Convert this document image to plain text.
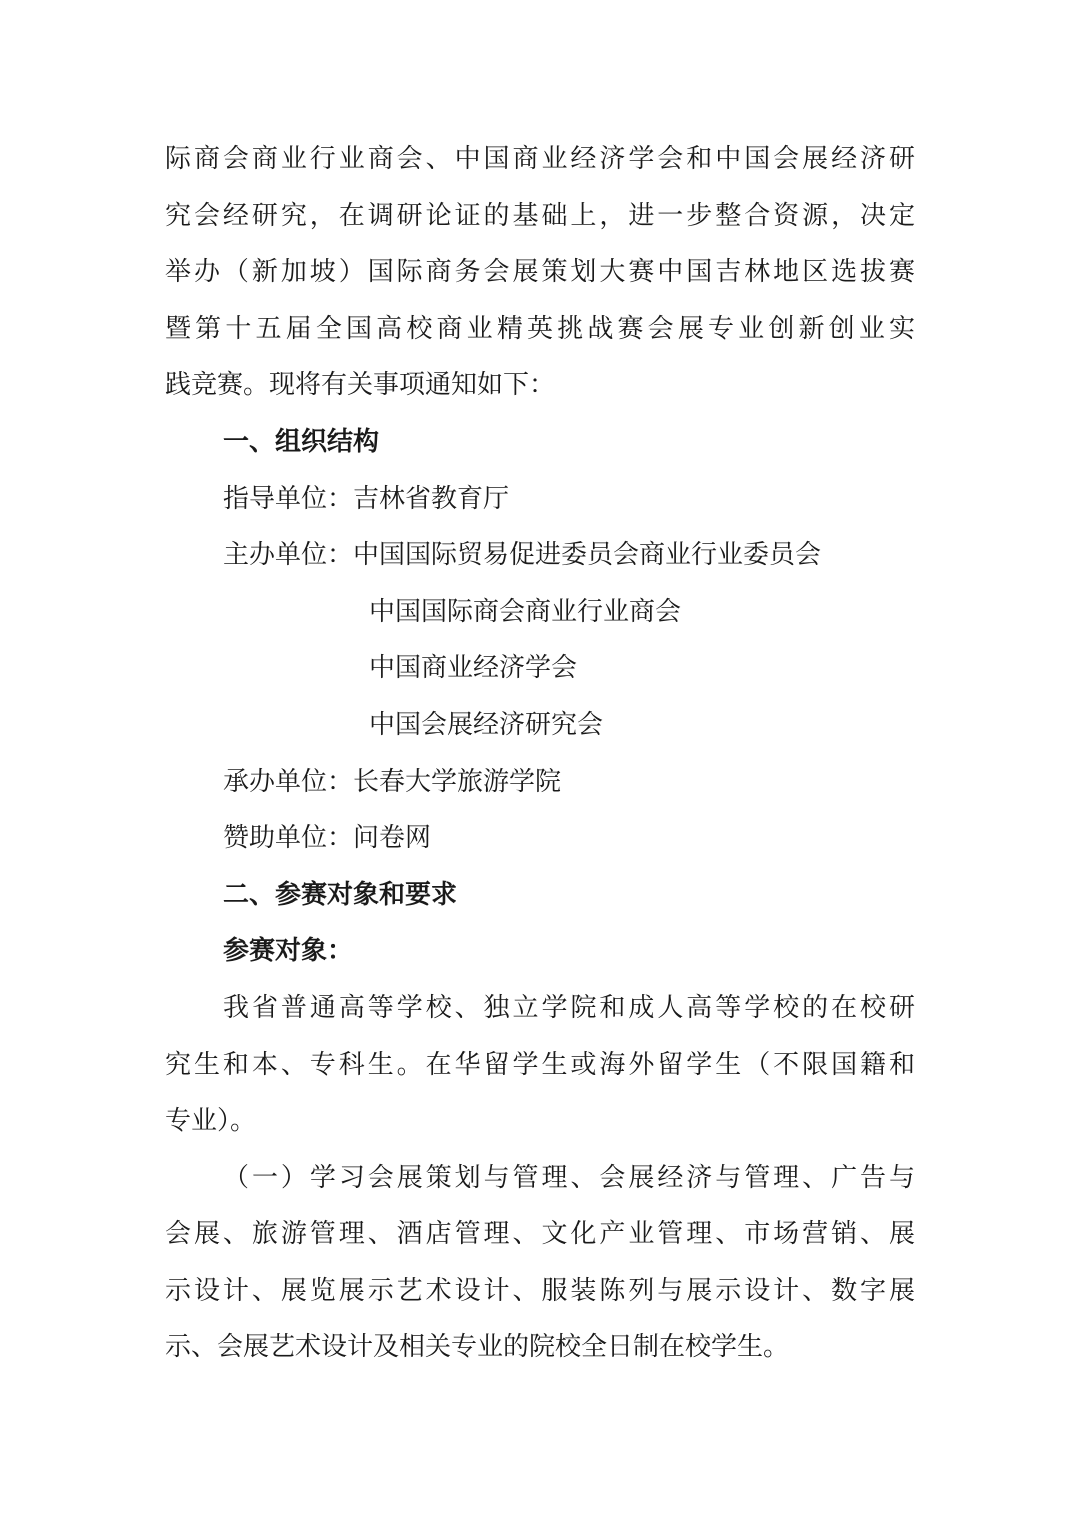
际商会商业行业商会、中国商业经济学会和中国会展经济研
究会经研究，在调研论证的基础上，进一步整合资源，决定
举办（新加坡）国际商务会展策划大赛中国吉林地区选拔赛
暨第十五届全国高校商业精英挑战赛会展专业创新创业实
践竞赛。现将有关事项通知如下：
一、组织结构
指导单位：吉林省教育厅
主办单位：中国国际贸易促进委员会商业行业委员会
中国国际商会商业行业商会
中国商业经济学会
中国会展经济研究会
承办单位：长春大学旅游学院
赞助单位：问卷网
二、参赛对象和要求
参赛对象：
我省普通高等学校、独立学院和成人高等学校的在校研
究生和本、专科生。在华留学生或海外留学生（不限国籍和
专业）。
（一）学习会展策划与管理、会展经济与管理、广告与
会展、旅游管理、酒店管理、文化产业管理、市场营销、展
示设计、展览展示艺术设计、服装陈列与展示设计、数字展
示、会展艺术设计及相关专业的院校全日制在校学生。
